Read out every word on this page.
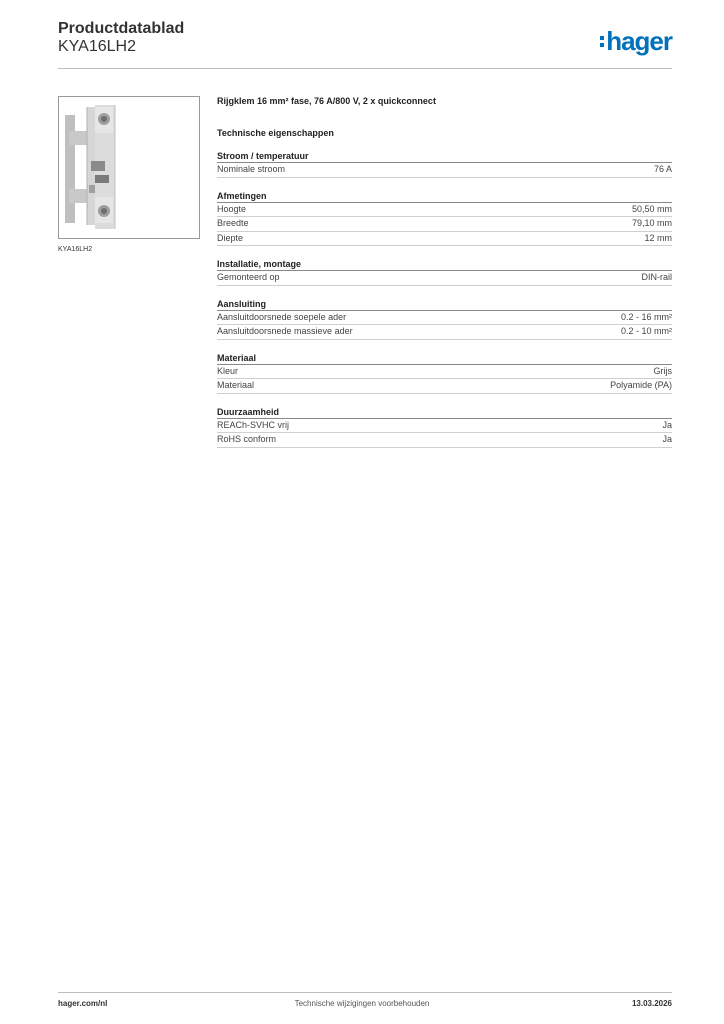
Productdatablad
KYA16LH2	hager
KYA16LH2
Rijgklem 16 mm² fase, 76 A/800 V, 2 x quickconnect
Technische eigenschappen
Stroom / temperatuur
Nominale stroom	76 A
Afmetingen
Hoogte	50,50 mm
Breedte	79,10 mm
Diepte	12 mm
Installatie, montage
Gemonteerd op	DIN-rail
Aansluiting
Aansluitdoorsnede soepele ader	0.2 - 16 mm²
Aansluitdoorsnede massieve ader	0.2 - 10 mm²
Materiaal
Kleur	Grijs
Materiaal	Polyamide (PA)
Duurzaamheid
REACh-SVHC vrij	Ja
RoHS conform	Ja
hager.com/nl	Technische wijzigingen voorbehouden	13.03.2026
